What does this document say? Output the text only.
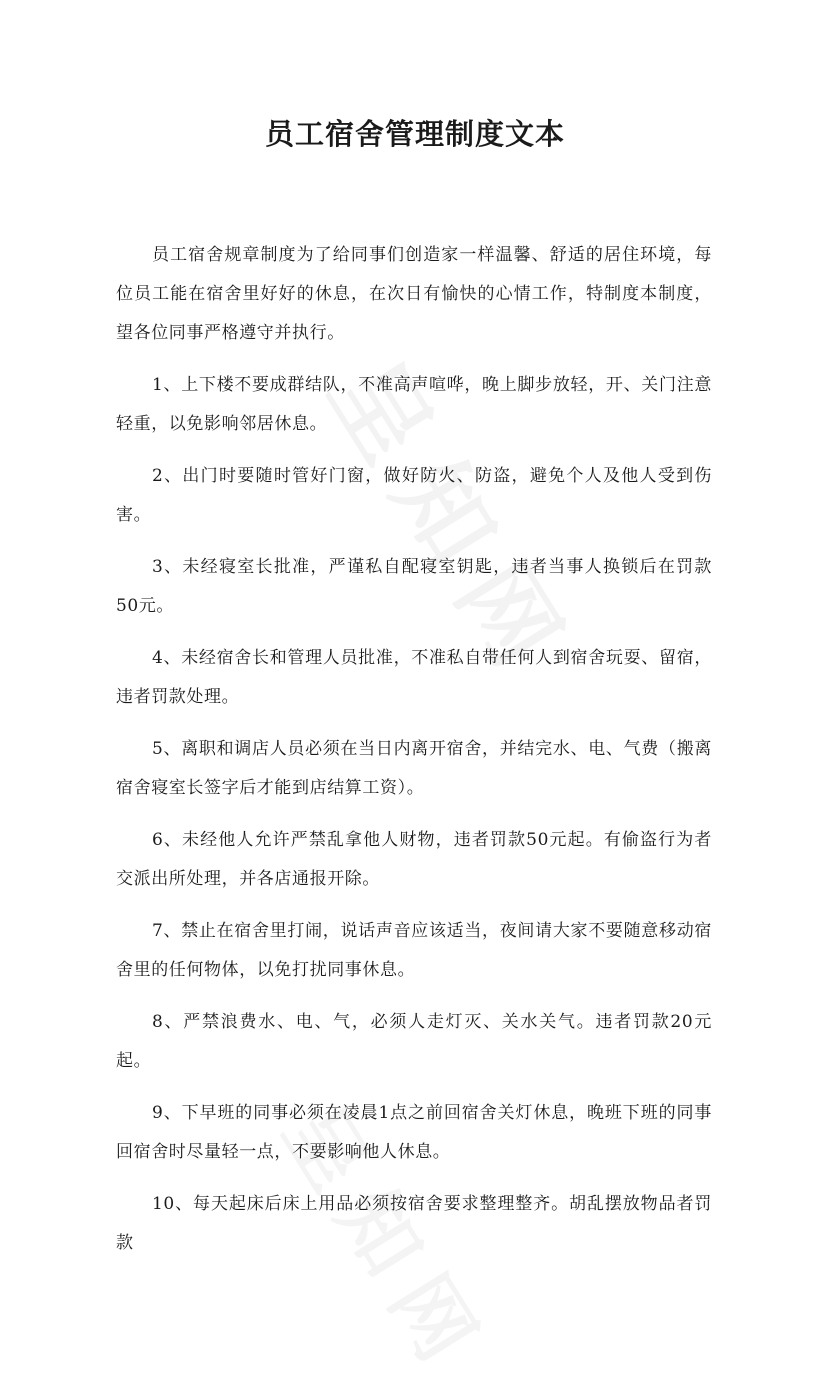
员工宿舍管理制度文本

员工宿舍规章制度为了给同事们创造家一样温馨、舒适的居住环境，每位员工能在宿舍里好好的休息，在次日有愉快的心情工作，特制度本制度，望各位同事严格遵守并执行。

1、上下楼不要成群结队，不准高声喧哗，晚上脚步放轻，开、关门注意轻重，以免影响邻居休息。

2、出门时要随时管好门窗，做好防火、防盗，避免个人及他人受到伤害。

3、未经寝室长批准，严谨私自配寝室钥匙，违者当事人换锁后在罚款50元。

4、未经宿舍长和管理人员批准，不准私自带任何人到宿舍玩耍、留宿，违者罚款处理。

5、离职和调店人员必须在当日内离开宿舍，并结完水、电、气费（搬离宿舍寝室长签字后才能到店结算工资）。

6、未经他人允许严禁乱拿他人财物，违者罚款50元起。有偷盗行为者交派出所处理，并各店通报开除。

7、禁止在宿舍里打闹，说话声音应该适当，夜间请大家不要随意移动宿舍里的任何物体，以免打扰同事休息。

8、严禁浪费水、电、气，必须人走灯灭、关水关气。违者罚款20元起。

9、下早班的同事必须在凌晨1点之前回宿舍关灯休息，晚班下班的同事回宿舍时尽量轻一点，不要影响他人休息。

10、每天起床后床上用品必须按宿舍要求整理整齐。胡乱摆放物品者罚款
